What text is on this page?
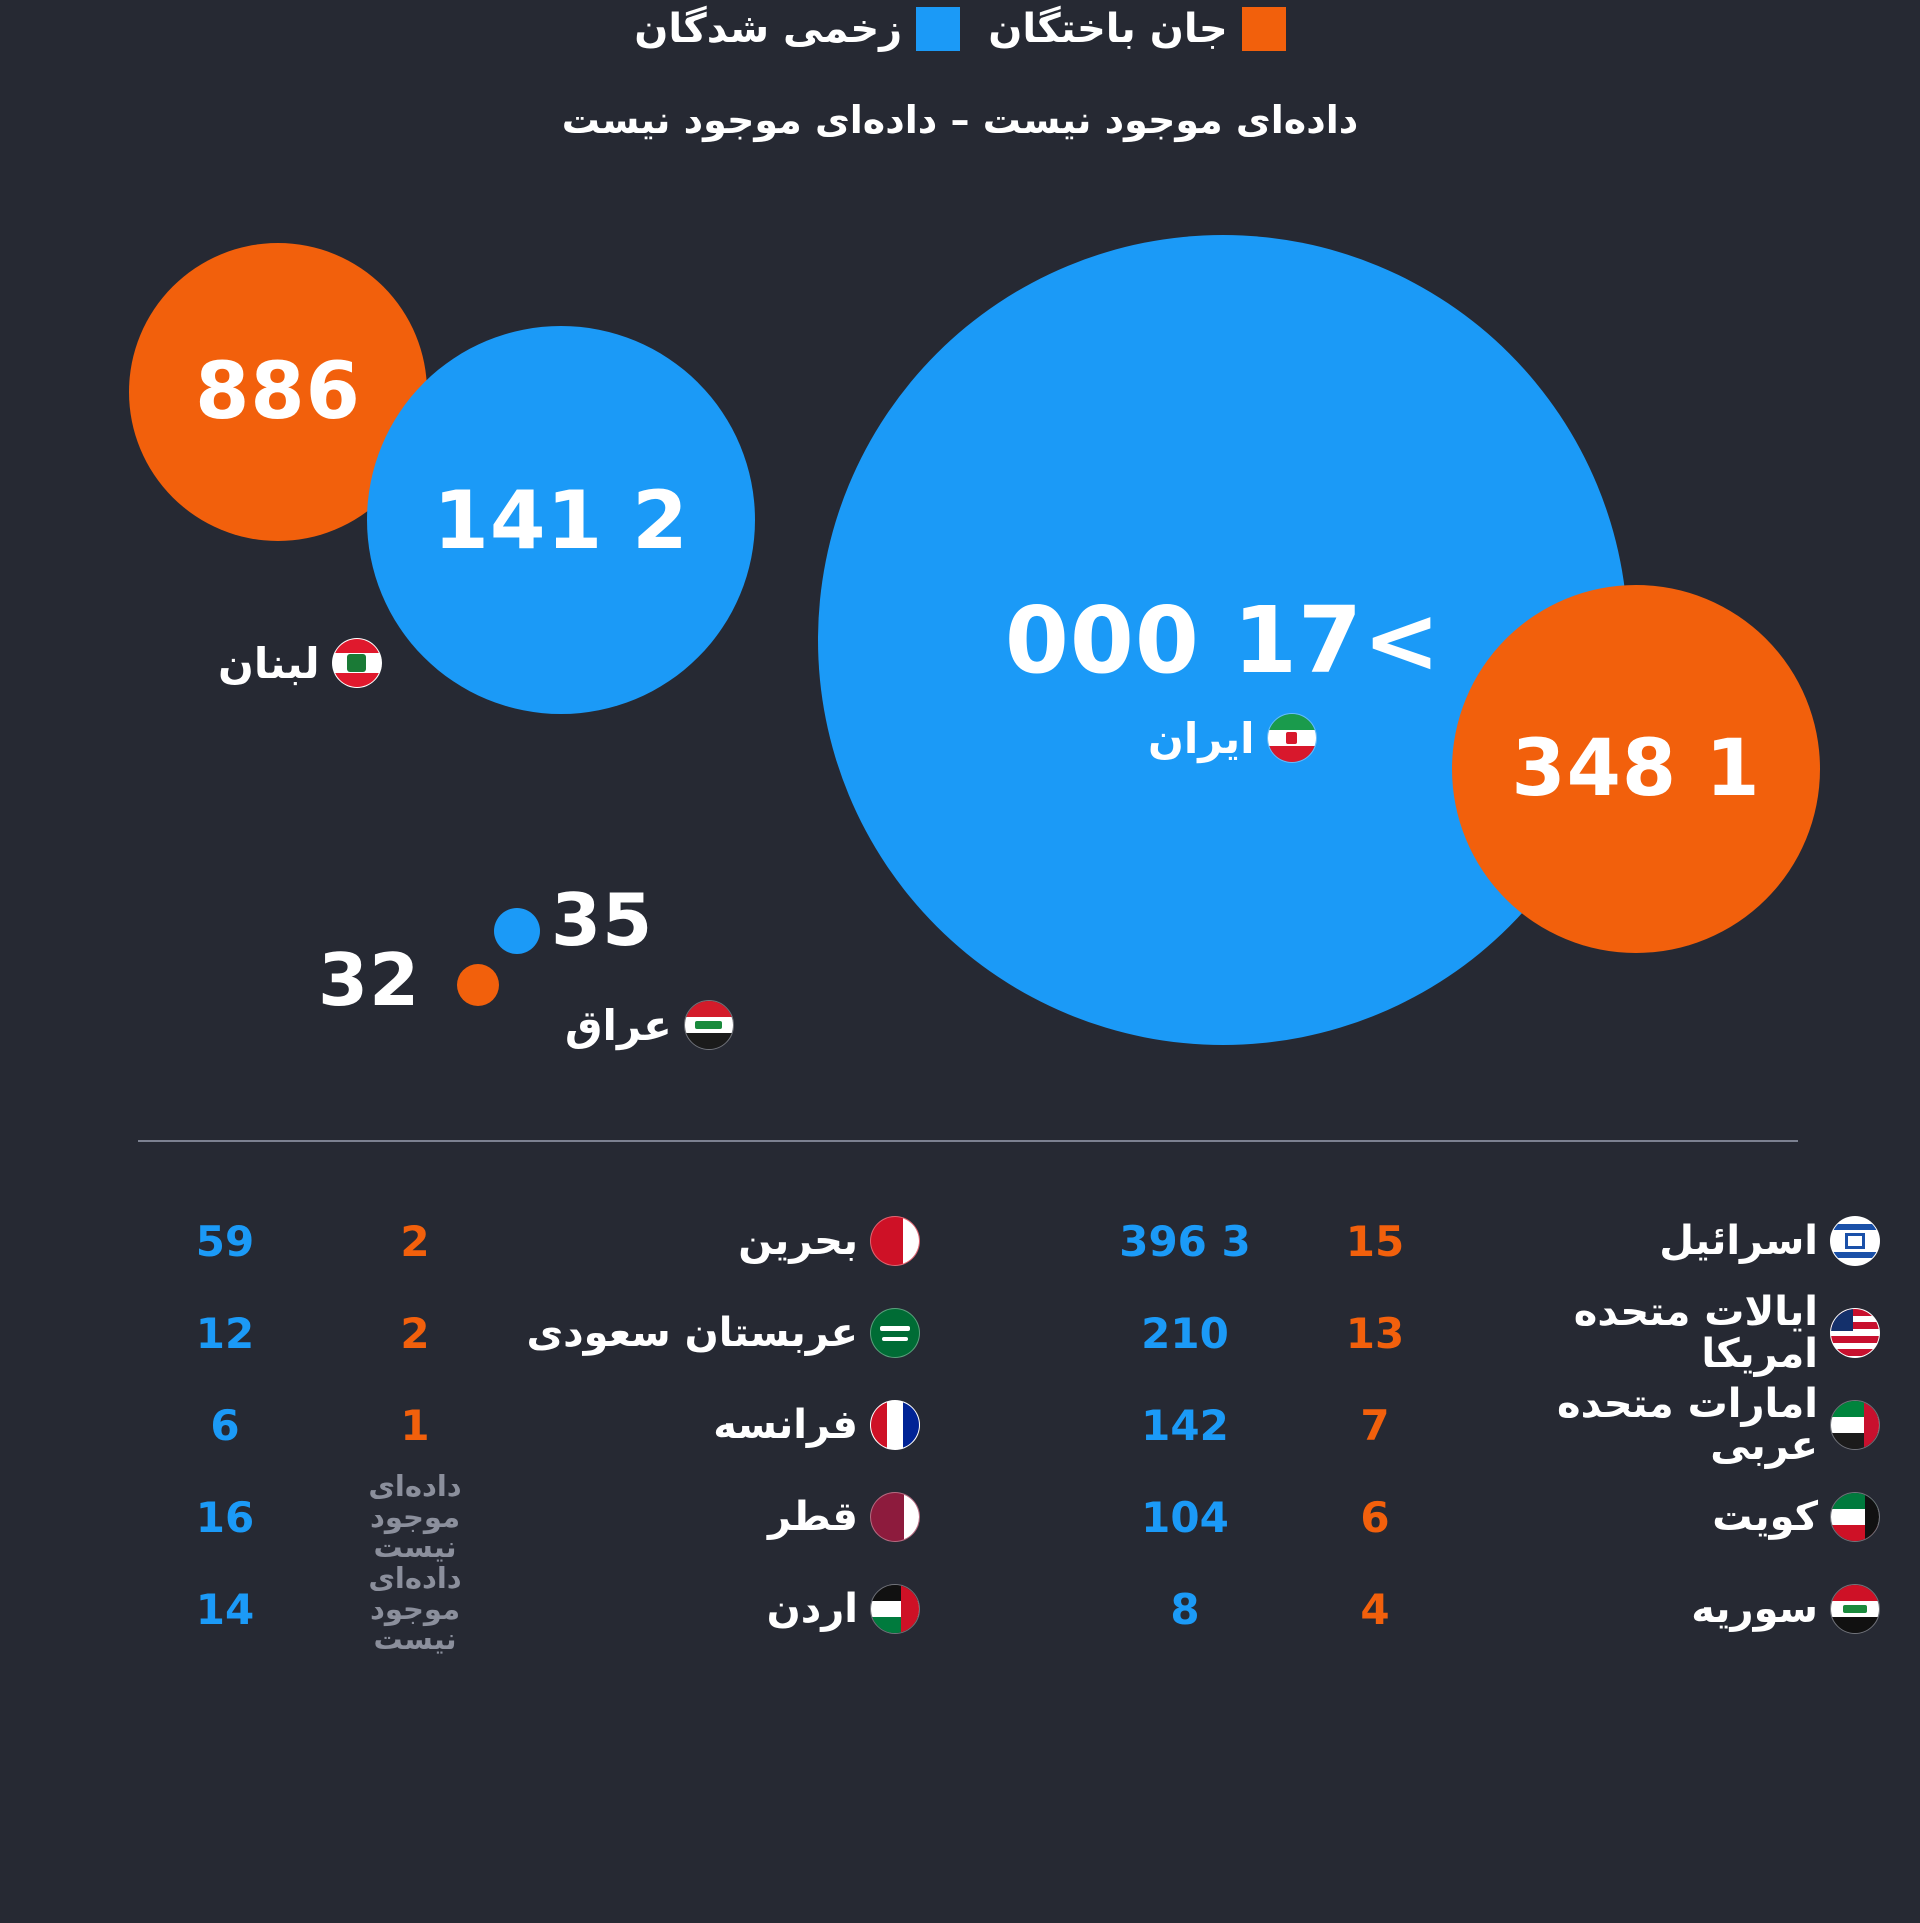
جان باختگان
زخمی شدگان
داده‌ای موجود نیست – داده‌ای موجود نیست
886
2 141
لبنان	>17 000
ایران	1 348
35
32
عراق
اسرائیل
15
3 396
ایالات متحده امریکا
13
210
امارات متحده عربی
7
142
کویت
6
104
سوریه
4
8
بحرین
2
59
عربستان سعودی
2
12
فرانسه
1
6
قطر
داده‌ای موجود نیست
16
اردن
داده‌ای موجود نیست
14
